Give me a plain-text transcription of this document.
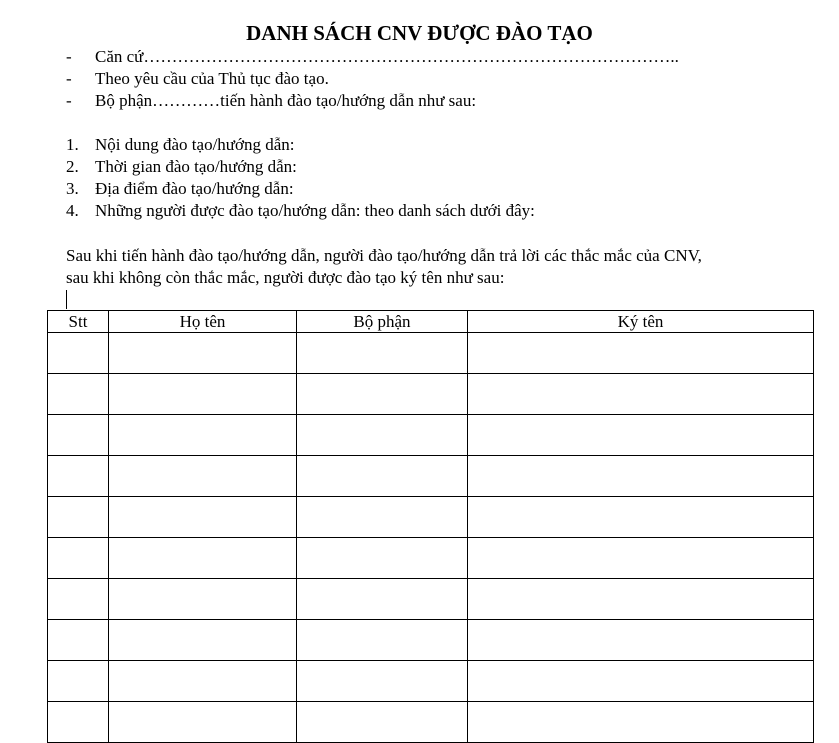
DANH SÁCH CNV ĐƯỢC ĐÀO TẠO
-	Căn cứ…………………………………………………………………………………..
-	Theo yêu cầu của Thủ tục đào tạo.
-	Bộ phận…………tiến hành đào tạo/hướng dẫn như sau:
1. Nội dung đào tạo/hướng dẫn:
2. Thời gian đào tạo/hướng dẫn:
3. Địa điểm đào tạo/hướng dẫn:
4. Những người được đào tạo/hướng dẫn: theo danh sách dưới đây:
Sau khi tiến hành đào tạo/hướng dẫn, người đào tạo/hướng dẫn trả lời các thắc mắc của CNV,
sau khi không còn thắc mắc, người được đào tạo ký tên như sau:
Stt	Họ tên	Bộ phận	Ký tên
